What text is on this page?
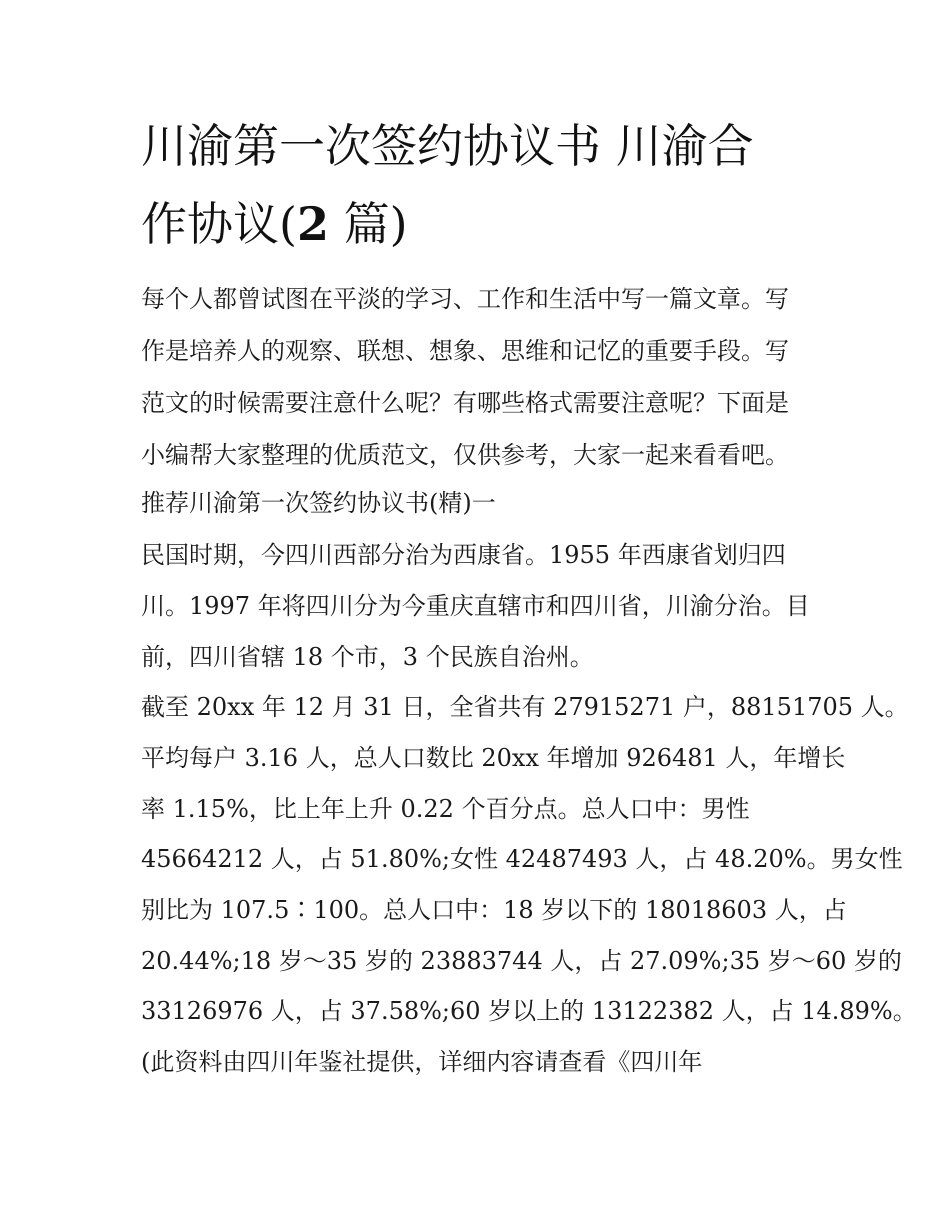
川渝第一次签约协议书 川渝合
作协议(2 篇)
每个人都曾试图在平淡的学习、工作和生活中写一篇文章。写
作是培养人的观察、联想、想象、思维和记忆的重要手段。写
范文的时候需要注意什么呢？有哪些格式需要注意呢？下面是
小编帮大家整理的优质范文，仅供参考，大家一起来看看吧。
推荐川渝第一次签约协议书(精)一
民国时期，今四川西部分治为西康省。1955 年西康省划归四
川。1997 年将四川分为今重庆直辖市和四川省，川渝分治。目
前，四川省辖 18 个市，3 个民族自治州。
截至 20xx 年 12 月 31 日，全省共有 27915271 户，88151705 人。
平均每户 3.16 人，总人口数比 20xx 年增加 926481 人，年增长
率 1.15%，比上年上升 0.22 个百分点。总人口中：男性
45664212 人，占 51.80%;女性 42487493 人，占 48.20%。男女性
别比为 107.5∶100。总人口中：18 岁以下的 18018603 人，占
20.44%;18 岁～35 岁的 23883744 人，占 27.09%;35 岁～60 岁的
33126976 人，占 37.58%;60 岁以上的 13122382 人，占 14.89%。
(此资料由四川年鉴社提供，详细内容请查看《四川年
